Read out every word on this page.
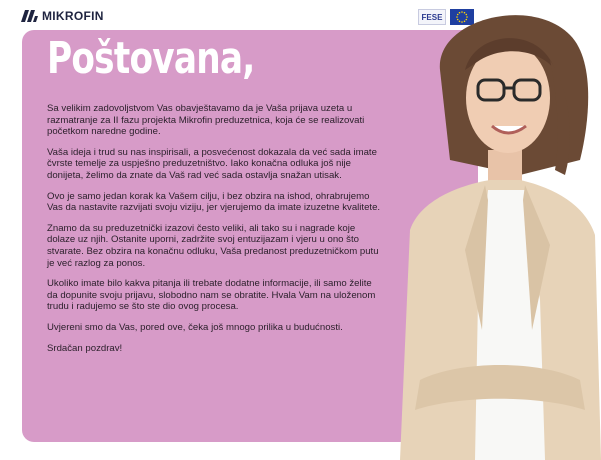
MIKROFIN	FESE
Poštovana,

Sa velikim zadovoljstvom Vas obavještavamo da je Vaša prijava uzeta u razmatranje za II fazu projekta Mikrofin preduzetnica, koja će se realizovati početkom naredne godine.

Vaša ideja i trud su nas inspirisali, a posvećenost dokazala da već sada imate čvrste temelje za uspješno preduzetništvo. Iako konačna odluka još nije donijeta, želimo da znate da Vaš rad već sada ostavlja snažan utisak.

Ovo je samo jedan korak ka Vašem cilju, i bez obzira na ishod, ohrabrujemo Vas da nastavite razvijati svoju viziju, jer vjerujemo da imate izuzetne kvalitete.

Znamo da su preduzetnički izazovi često veliki, ali tako su i nagrade koje dolaze uz njih. Ostanite uporni, zadržite svoj entuzijazam i vjeru u ono što stvarate. Bez obzira na konačnu odluku, Vaša predanost preduzetničkom putu je već razlog za ponos.

Ukoliko imate bilo kakva pitanja ili trebate dodatne informacije, ili samo želite da dopunite svoju prijavu, slobodno nam se obratite. Hvala Vam na uloženom trudu i radujemo se što ste dio ovog procesa.

Uvjereni smo da Vas, pored ove, čeka još mnogo prilika u budućnosti.

Srdačan pozdrav!
